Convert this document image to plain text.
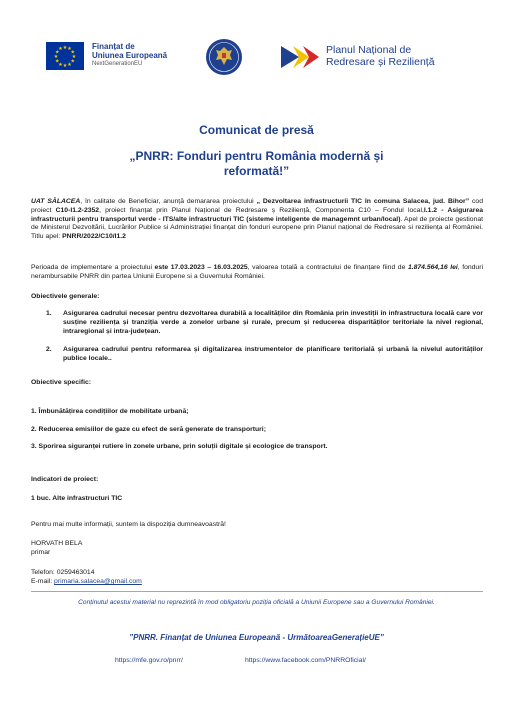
★ ★
★
★
★
★
★
★
★
★
★
★	Finanțat de
Uniunea Europeană
NextGenerationEU
Planul Național de
Redresare și Reziliență
Comunicat de presă
„PNRR: Fonduri pentru România modernă și reformată!”
UAT SĂLACEA, în calitate de Beneficiar, anunță demararea proiectului „ Dezvoltarea infrastructurii TIC în comuna Salacea, jud. Bihor” cod proiect C10-I1.2-2352, proiect finanțat prin Planul Național de Redresare ș Reziliență, Componenta C10 – Fondul local,I.1.2 - Asigurarea infrastructurii pentru transportul verde - ITS/alte infrastructuri TIC (sisteme inteligente de managemnt urban/local). Apel de proiecte gestionat de Ministerul Dezvoltării, Lucrărilor Publice si Administrației finanțat din fonduri europene prin Planul național de Redresare si reziliența al României. Titlu apel: PNRR/2022/C10/I1.2
Perioada de implementare a proiectului este 17.03.2023 – 16.03.2025, valoarea totală a contractului de finanțare fiind de 1.874.564,16 lei, fonduri nerambursabile PNRR din partea Uniunii Europene si a Guvernului României.
Obiectivele generale:
1.	Asigurarea cadrului necesar pentru dezvoltarea durabilă a localităților din România prin investiții în infrastructura locală care vor susține reziliența și tranziția verde a zonelor urbane și rurale, precum și reducerea disparităților teritoriale la nivel regional, intraregional și intra-județean.
2.	Asigurarea cadrului pentru reformarea și digitalizarea instrumentelor de planificare teritorială și urbană la nivelul autorităților publice locale..
Obiective specific:
1. Îmbunătățirea condițiilor de mobilitate urbană;
2. Reducerea emisiilor de gaze cu efect de seră generate de transporturi;
3. Sporirea siguranței rutiere în zonele urbane, prin soluții digitale și ecologice de transport.
Indicatori de proiect:
1 buc. Alte infrastructuri TIC
Pentru mai multe informații, suntem la dispoziția dumneavoastră!
HORVATH BELA
primar
Telefon: 0259463014
E-mail: primaria.salacea@gmail.com
Conținutul acestui material nu reprezintă în mod obligatoriu poziția oficială a Uniunii Europene sau a Guvernului României.
”PNRR. Finanțat de Uniunea Europeană - UrmătoareaGenerațieUE”
https://mfe.gov.ro/pnrr/	https://www.facebook.com/PNRROficial/
